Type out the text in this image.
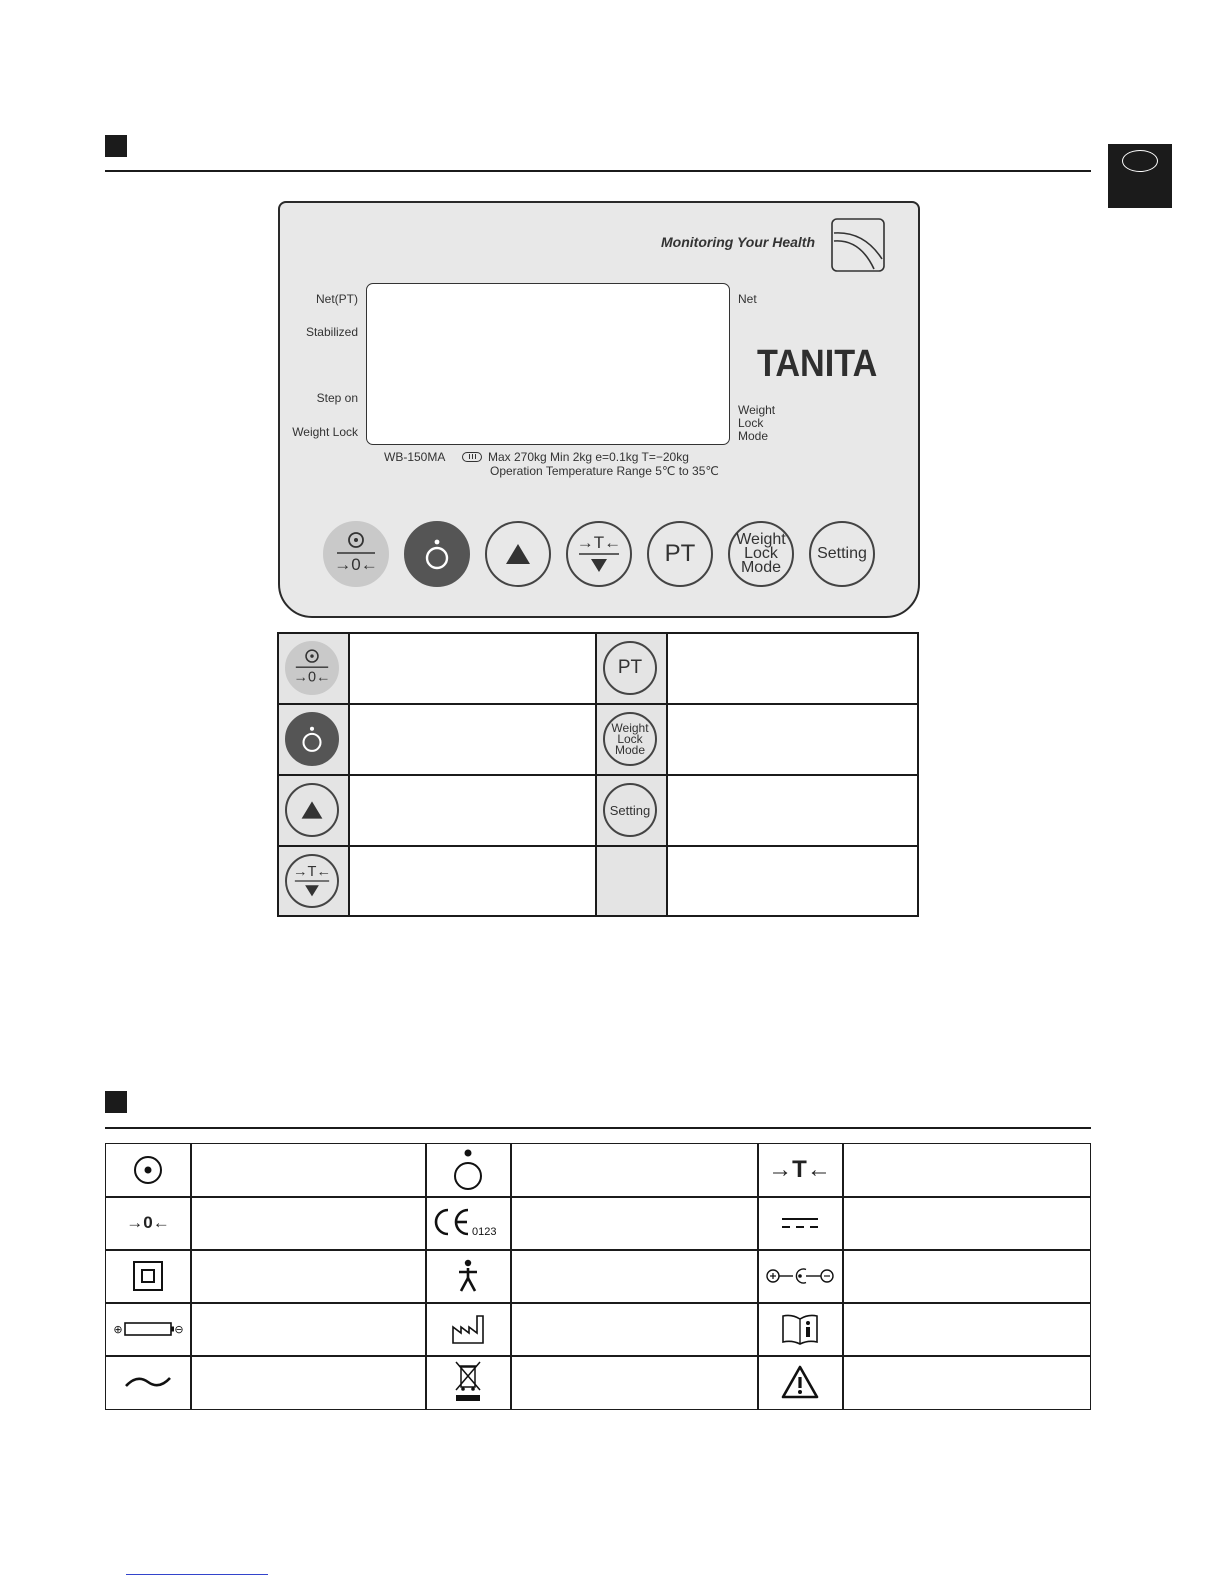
Monitoring Your Health
TANITA
Net(PT)
Stabilized
Step on
Weight Lock
Net
Weight
Lock
Mode
WB-150MA	Max 270kg Min 2kg e=0.1kg T=−20kg
Operation Temperature Range 5℃ to 35℃
→0←
→T← PT
Weight
Lock
Mode
Setting
→0←
→T←
PT
Weight
Lock
Mode
Setting
→0←
⊕	⊖
0123
→T←
